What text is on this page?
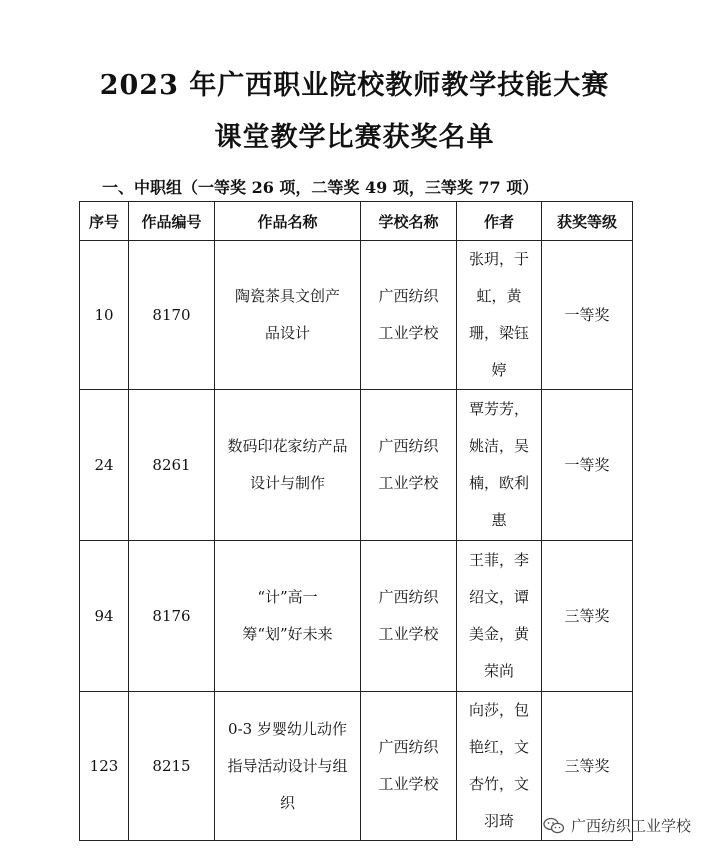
2023 年广西职业院校教师教学技能大赛
课堂教学比赛获奖名单
一、中职组（一等奖 26 项，二等奖 49 项，三等奖 77 项）
序号	作品编号	作品名称	学校名称	作者	获奖等级
10	8170	陶瓷茶具文创产品设计	广西纺织工业学校	张玥，于虹，黄珊，梁钰婷	一等奖
24	8261	数码印花家纺产品设计与制作	广西纺织工业学校	覃芳芳，姚洁，吴楠，欧利惠	一等奖
94	8176	“计”高一筹“划”好未来	广西纺织工业学校	王菲，李绍文，谭美金，黄荣尚	三等奖
123	8215	0-3 岁婴幼儿动作指导活动设计与组织	广西纺织工业学校	向莎，包艳红，文杏竹，文羽琦	三等奖
广西纺织工业学校
